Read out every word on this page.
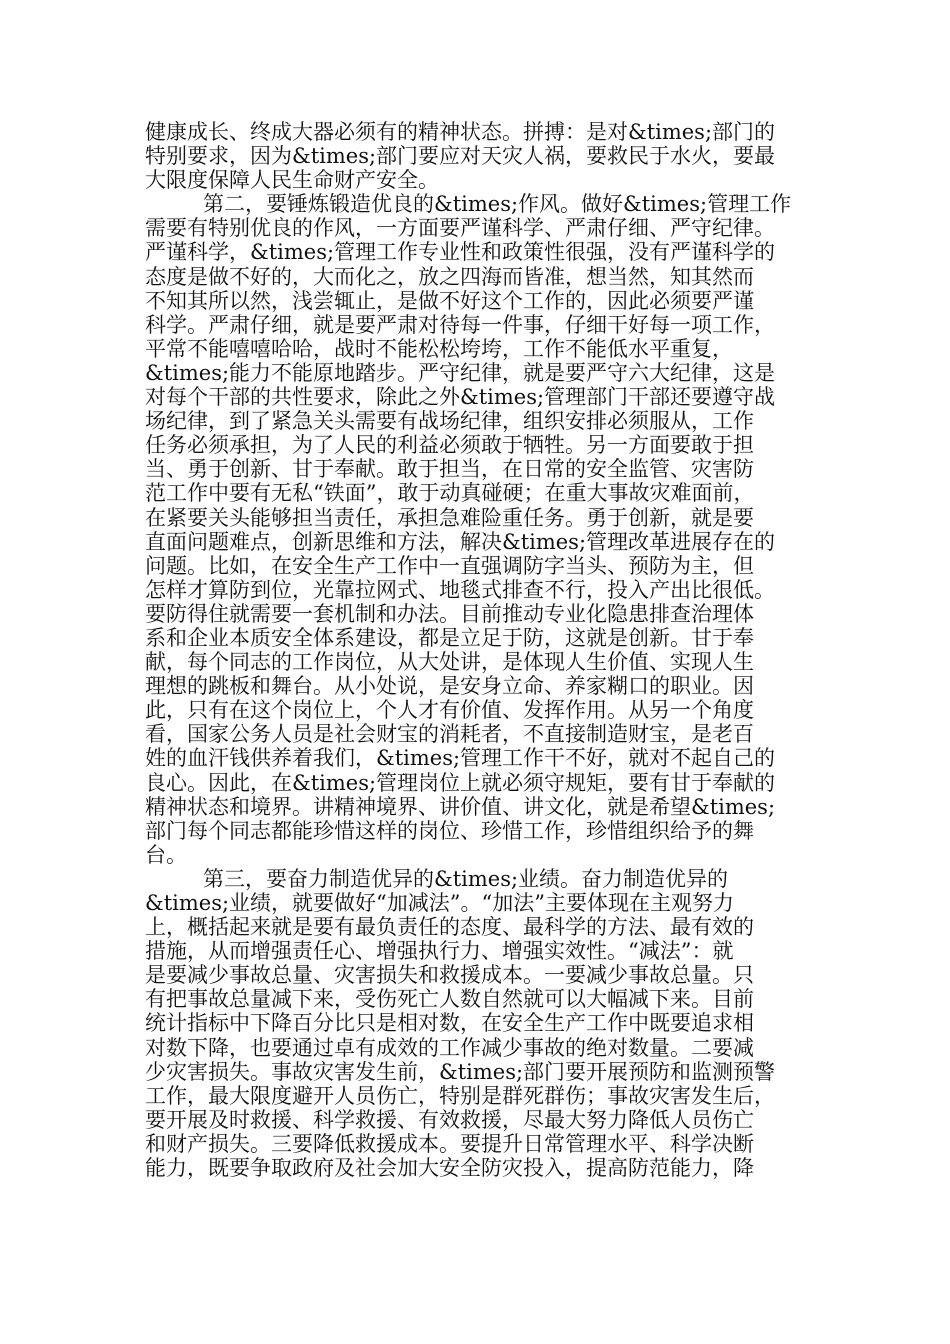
健康成长、终成大器必须有的精神状态。拼搏：是对&times;部门的
特别要求，因为&times;部门要应对天灾人祸，要救民于水火，要最
大限度保障人民生命财产安全。
第二，要锤炼锻造优良的&times;作风。做好&times;管理工作
需要有特别优良的作风，一方面要严谨科学、严肃仔细、严守纪律。
严谨科学，&times;管理工作专业性和政策性很强，没有严谨科学的
态度是做不好的，大而化之，放之四海而皆准，想当然，知其然而
不知其所以然，浅尝辄止，是做不好这个工作的，因此必须要严谨
科学。严肃仔细，就是要严肃对待每一件事，仔细干好每一项工作，
平常不能嘻嘻哈哈，战时不能松松垮垮，工作不能低水平重复，
&times;能力不能原地踏步。严守纪律，就是要严守六大纪律，这是
对每个干部的共性要求，除此之外&times;管理部门干部还要遵守战
场纪律，到了紧急关头需要有战场纪律，组织安排必须服从，工作
任务必须承担，为了人民的利益必须敢于牺牲。另一方面要敢于担
当、勇于创新、甘于奉献。敢于担当，在日常的安全监管、灾害防
范工作中要有无私“铁面”，敢于动真碰硬；在重大事故灾难面前，
在紧要关头能够担当责任，承担急难险重任务。勇于创新，就是要
直面问题难点，创新思维和方法，解决&times;管理改革进展存在的
问题。比如，在安全生产工作中一直强调防字当头、预防为主，但
怎样才算防到位，光靠拉网式、地毯式排查不行，投入产出比很低。
要防得住就需要一套机制和办法。目前推动专业化隐患排查治理体
系和企业本质安全体系建设，都是立足于防，这就是创新。甘于奉
献，每个同志的工作岗位，从大处讲，是体现人生价值、实现人生
理想的跳板和舞台。从小处说，是安身立命、养家糊口的职业。因
此，只有在这个岗位上，个人才有价值、发挥作用。从另一个角度
看，国家公务人员是社会财宝的消耗者，不直接制造财宝，是老百
姓的血汗钱供养着我们，&times;管理工作干不好，就对不起自己的
良心。因此，在&times;管理岗位上就必须守规矩，要有甘于奉献的
精神状态和境界。讲精神境界、讲价值、讲文化，就是希望&times;
部门每个同志都能珍惜这样的岗位、珍惜工作，珍惜组织给予的舞
台。
第三，要奋力制造优异的&times;业绩。奋力制造优异的
&times;业绩，就要做好“加减法”。“加法”主要体现在主观努力
上，概括起来就是要有最负责任的态度、最科学的方法、最有效的
措施，从而增强责任心、增强执行力、增强实效性。“减法”：就
是要减少事故总量、灾害损失和救援成本。一要减少事故总量。只
有把事故总量减下来，受伤死亡人数自然就可以大幅减下来。目前
统计指标中下降百分比只是相对数，在安全生产工作中既要追求相
对数下降，也要通过卓有成效的工作减少事故的绝对数量。二要减
少灾害损失。事故灾害发生前，&times;部门要开展预防和监测预警
工作，最大限度避开人员伤亡，特别是群死群伤；事故灾害发生后，
要开展及时救援、科学救援、有效救援，尽最大努力降低人员伤亡
和财产损失。三要降低救援成本。要提升日常管理水平、科学决断
能力，既要争取政府及社会加大安全防灾投入，提高防范能力，降
